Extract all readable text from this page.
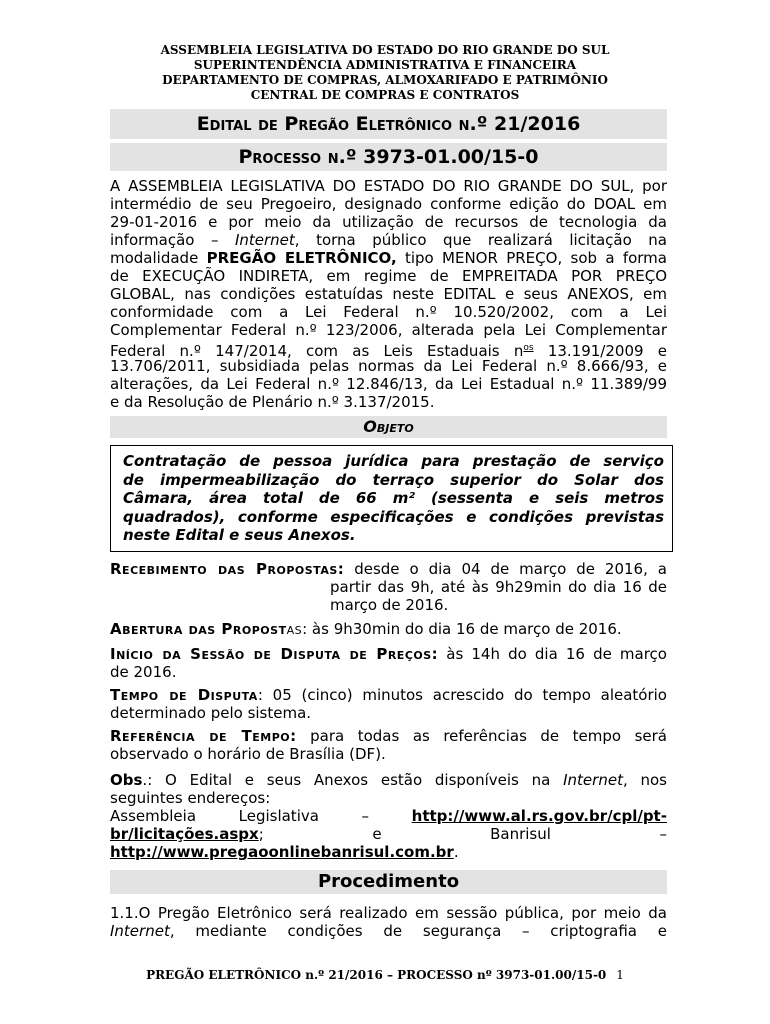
ASSEMBLEIA LEGISLATIVA DO ESTADO DO RIO GRANDE DO SUL
SUPERINTENDÊNCIA ADMINISTRATIVA E FINANCEIRA
DEPARTAMENTO DE COMPRAS, ALMOXARIFADO E PATRIMÔNIO
CENTRAL DE COMPRAS E CONTRATOS
Edital de Pregão Eletrônico n.º 21/2016
Processo n.º 3973-01.00/15-0
A ASSEMBLEIA LEGISLATIVA DO ESTADO DO RIO GRANDE DO SUL, por
intermédio de seu Pregoeiro, designado conforme edição do DOAL em
29-01-2016 e por meio da utilização de recursos de tecnologia da
informação – Internet, torna público que realizará licitação na
modalidade PREGÃO ELETRÔNICO, tipo MENOR PREÇO, sob a forma
de EXECUÇÃO INDIRETA, em regime de EMPREITADA POR PREÇO
GLOBAL, nas condições estatuídas neste EDITAL e seus ANEXOS, em
conformidade com a Lei Federal n.º 10.520/2002, com a Lei
Complementar Federal n.º 123/2006, alterada pela Lei Complementar
Federal n.º 147/2014, com as Leis Estaduais $n^{os}$ 13.191/2009 e
13.706/2011, subsidiada pelas normas da Lei Federal n.º 8.666/93, e
alterações, da Lei Federal n.º 12.846/13, da Lei Estadual n.º 11.389/99
e da Resolução de Plenário n.º 3.137/2015.
Objeto
Contratação de pessoa jurídica para prestação de serviço
de impermeabilização do terraço superior do Solar dos
Câmara, área total de 66 m² (sessenta e seis metros
quadrados), conforme especificações e condições previstas
neste Edital e seus Anexos.
Recebimento das Propostas: desde o dia 04 de março de 2016, a
partir das 9h, até às 9h29min do dia 16 de
março de 2016.
Abertura das Propostas: às 9h30min do dia 16 de março de 2016.
Início da Sessão de Disputa de Preços: às 14h do dia 16 de março
de 2016.
Tempo de Disputa: 05 (cinco) minutos acrescido do tempo aleatório
determinado pelo sistema.
Referência de Tempo: para todas as referências de tempo será
observado o horário de Brasília (DF).
Obs.: O Edital e seus Anexos estão disponíveis na Internet, nos
seguintes endereços:
Assembleia	Legislativa	–	http://www.al.rs.gov.br/cpl/pt-
br/licitações.aspx;	e	Banrisul	–
http://www.pregaoonlinebanrisul.com.br.
Procedimento
1.1.O Pregão Eletrônico será realizado em sessão pública, por meio da
Internet, mediante condições de segurança – criptografia e
PREGÃO ELETRÔNICO n.º 21/2016 – PROCESSO nº 3973-01.00/15-0 1
